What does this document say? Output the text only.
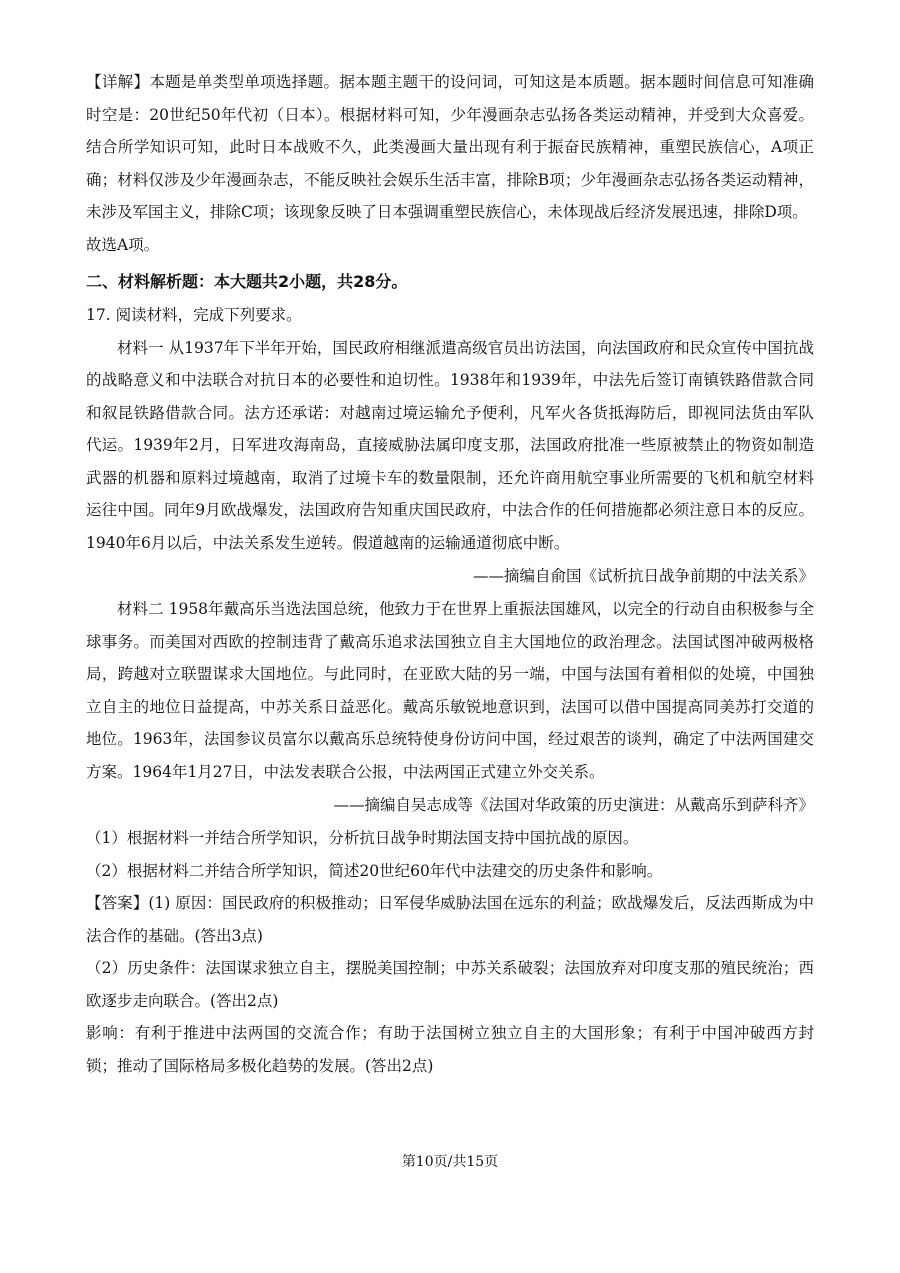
【详解】本题是单类型单项选择题。据本题主题干的设问词，可知这是本质题。据本题时间信息可知准确时空是：20世纪50年代初（日本）。根据材料可知，少年漫画杂志弘扬各类运动精神，并受到大众喜爱。结合所学知识可知，此时日本战败不久，此类漫画大量出现有利于振奋民族精神，重塑民族信心，A项正确；材料仅涉及少年漫画杂志，不能反映社会娱乐生活丰富，排除B项；少年漫画杂志弘扬各类运动精神，未涉及军国主义，排除C项；该现象反映了日本强调重塑民族信心，未体现战后经济发展迅速，排除D项。

故选A项。

二、材料解析题：本大题共2小题，共28分。

17. 阅读材料，完成下列要求。

材料一 从1937年下半年开始，国民政府相继派遣高级官员出访法国，向法国政府和民众宣传中国抗战的战略意义和中法联合对抗日本的必要性和迫切性。1938年和1939年，中法先后签订南镇铁路借款合同和叙昆铁路借款合同。法方还承诺：对越南过境运输允予便利，凡军火各货抵海防后，即视同法货由军队代运。1939年2月，日军进攻海南岛，直接威胁法属印度支那，法国政府批准一些原被禁止的物资如制造武器的机器和原料过境越南，取消了过境卡车的数量限制，还允许商用航空事业所需要的飞机和航空材料运往中国。同年9月欧战爆发，法国政府告知重庆国民政府，中法合作的任何措施都必须注意日本的反应。1940年6月以后，中法关系发生逆转。假道越南的运输通道彻底中断。

——摘编自俞国《试析抗日战争前期的中法关系》

材料二 1958年戴高乐当选法国总统，他致力于在世界上重振法国雄风，以完全的行动自由积极参与全球事务。而美国对西欧的控制违背了戴高乐追求法国独立自主大国地位的政治理念。法国试图冲破两极格局，跨越对立联盟谋求大国地位。与此同时，在亚欧大陆的另一端，中国与法国有着相似的处境，中国独立自主的地位日益提高，中苏关系日益恶化。戴高乐敏锐地意识到，法国可以借中国提高同美苏打交道的地位。1963年，法国参议员富尔以戴高乐总统特使身份访问中国，经过艰苦的谈判，确定了中法两国建交方案。1964年1月27日，中法发表联合公报，中法两国正式建立外交关系。

——摘编自吴志成等《法国对华政策的历史演进：从戴高乐到萨科齐》

（1）根据材料一并结合所学知识，分析抗日战争时期法国支持中国抗战的原因。

（2）根据材料二并结合所学知识，简述20世纪60年代中法建交的历史条件和影响。

【答案】(1) 原因：国民政府的积极推动；日军侵华威胁法国在远东的利益；欧战爆发后，反法西斯成为中法合作的基础。(答出3点)

（2）历史条件：法国谋求独立自主，摆脱美国控制；中苏关系破裂；法国放弃对印度支那的殖民统治；西欧逐步走向联合。(答出2点)

影响：有利于推进中法两国的交流合作；有助于法国树立独立自主的大国形象；有利于中国冲破西方封锁；推动了国际格局多极化趋势的发展。(答出2点)

第10页/共15页
